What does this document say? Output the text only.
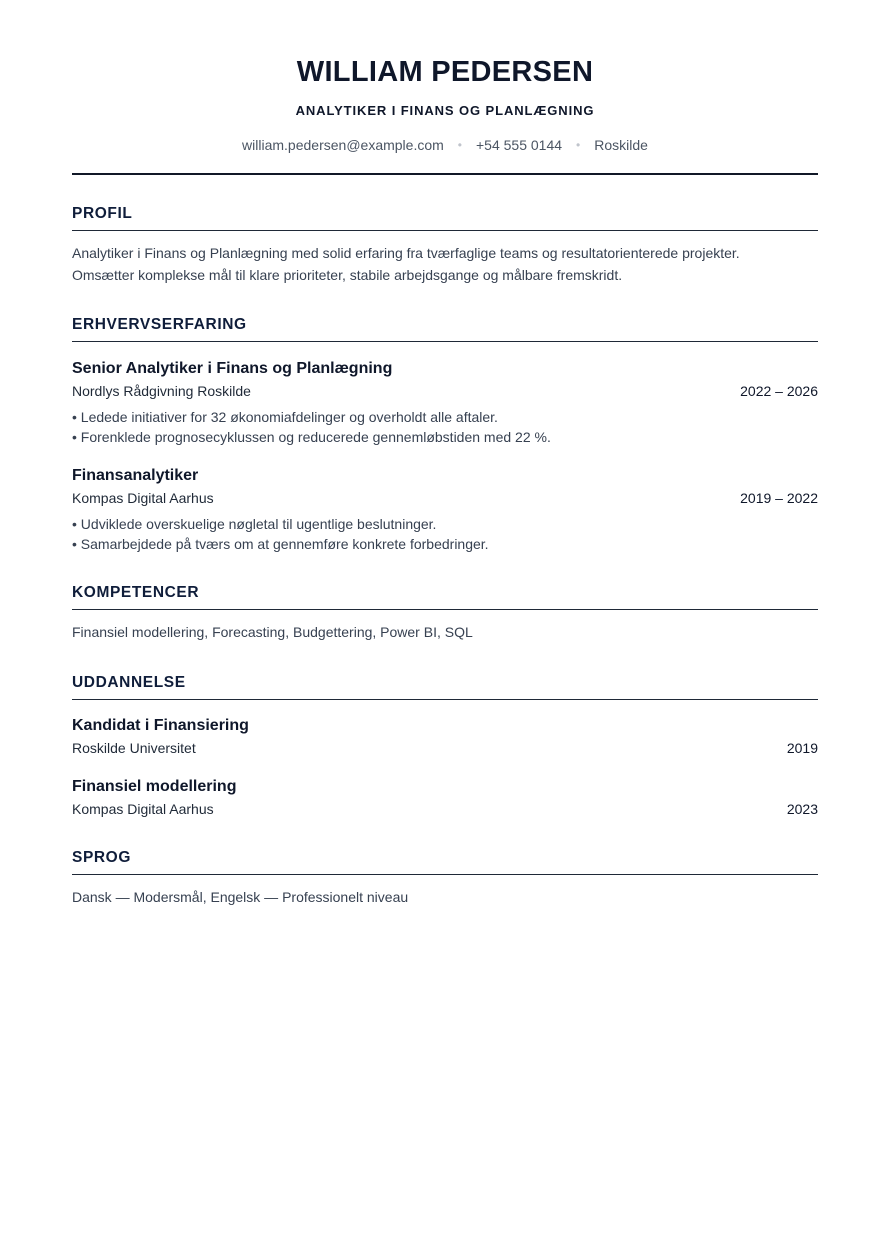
WILLIAM PEDERSEN
ANALYTIKER I FINANS OG PLANLÆGNING
william.pedersen@example.com • +54 555 0144 • Roskilde
PROFIL
Analytiker i Finans og Planlægning med solid erfaring fra tværfaglige teams og resultatorienterede projekter.
Omsætter komplekse mål til klare prioriteter, stabile arbejdsgange og målbare fremskridt.
ERHVERVSERFARING
Senior Analytiker i Finans og Planlægning
Nordlys Rådgivning Roskilde	2022 – 2026
• Ledede initiativer for 32 økonomiafdelinger og overholdt alle aftaler.
• Forenklede prognosecyklussen og reducerede gennemløbstiden med 22 %.
Finansanalytiker
Kompas Digital Aarhus	2019 – 2022
• Udviklede overskuelige nøgletal til ugentlige beslutninger.
• Samarbejdede på tværs om at gennemføre konkrete forbedringer.
KOMPETENCER
Finansiel modellering, Forecasting, Budgettering, Power BI, SQL
UDDANNELSE
Kandidat i Finansiering
Roskilde Universitet	2019
Finansiel modellering
Kompas Digital Aarhus	2023
SPROG
Dansk — Modersmål, Engelsk — Professionelt niveau
